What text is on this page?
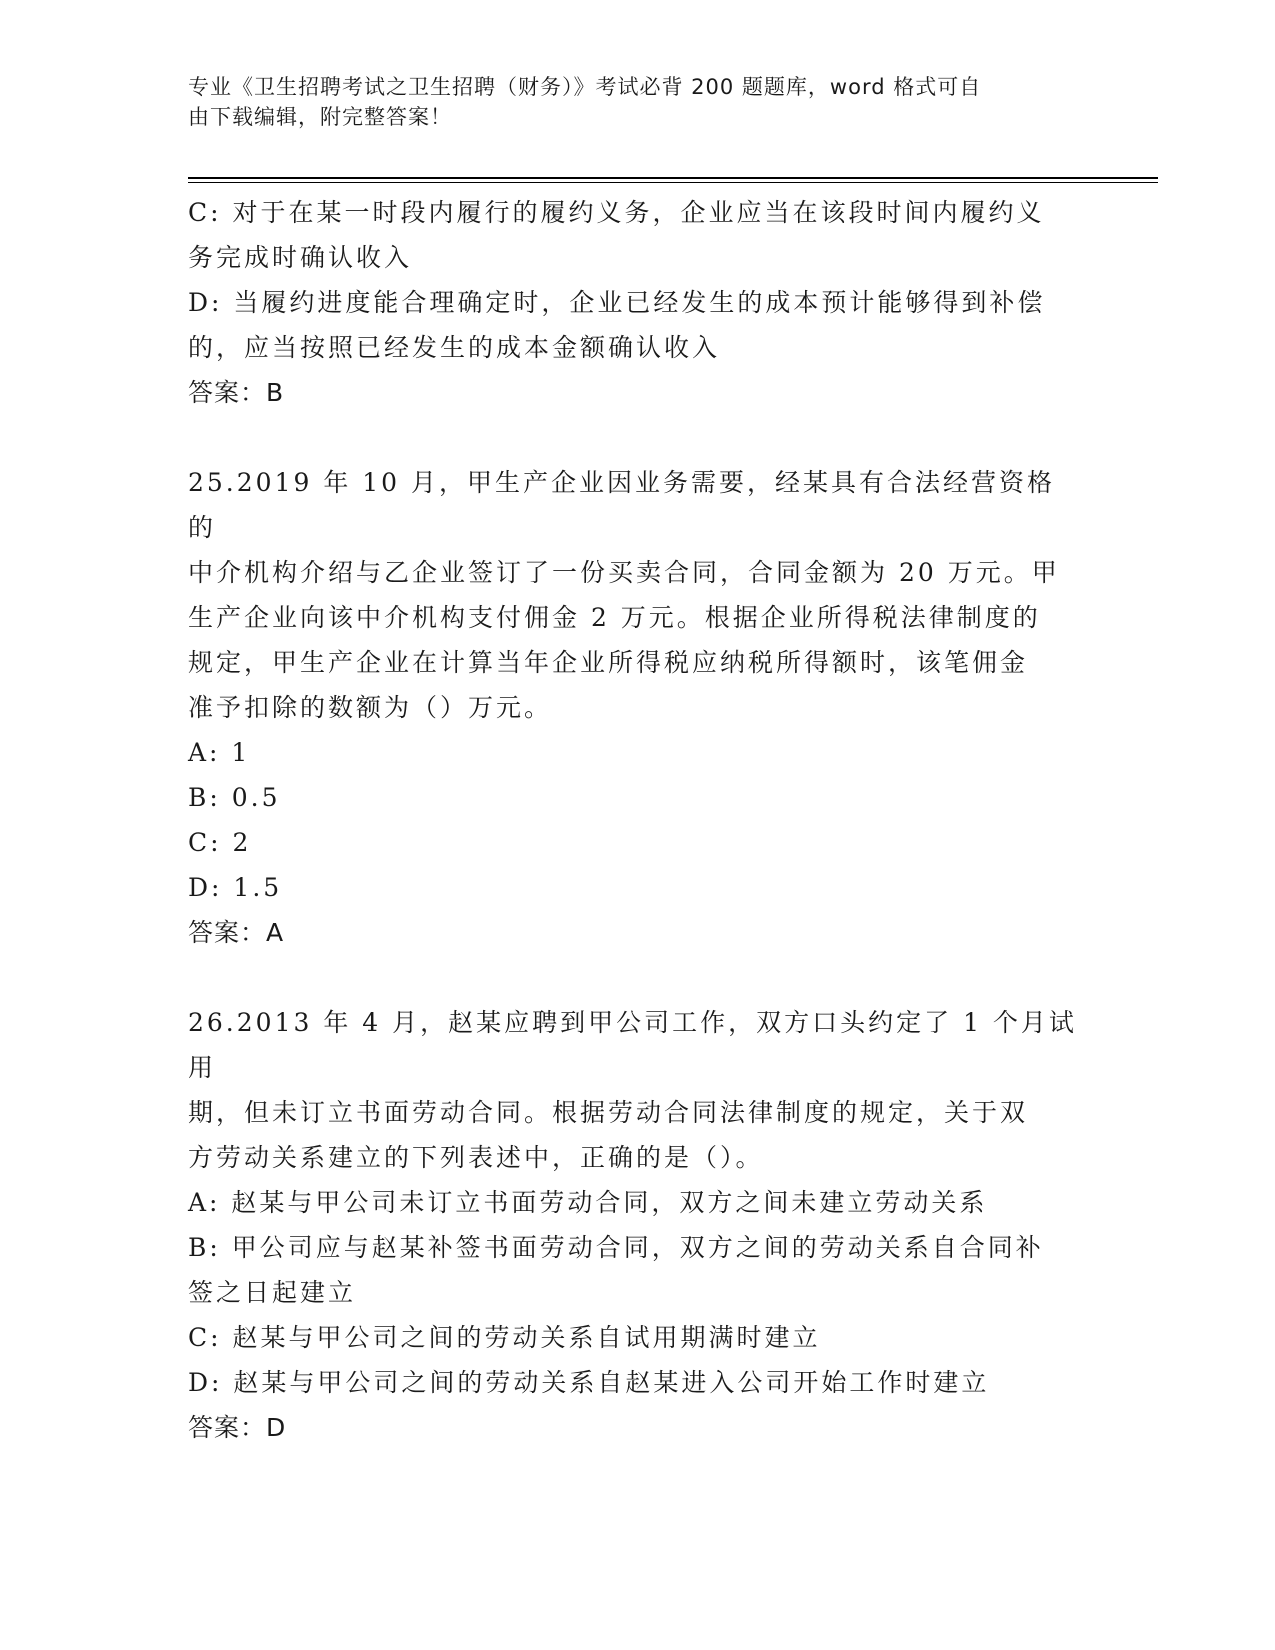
专业《卫生招聘考试之卫生招聘（财务）》考试必背 200 题题库，word 格式可自
由下载编辑，附完整答案！

C: 对于在某一时段内履行的履约义务，企业应当在该段时间内履约义

务完成时确认收入

D: 当履约进度能合理确定时，企业已经发生的成本预计能够得到补偿

的，应当按照已经发生的成本金额确认收入

答案：B

25.2019 年 10 月，甲生产企业因业务需要，经某具有合法经营资格的

中介机构介绍与乙企业签订了一份买卖合同，合同金额为 20 万元。甲

生产企业向该中介机构支付佣金 2 万元。根据企业所得税法律制度的

规定，甲生产企业在计算当年企业所得税应纳税所得额时，该笔佣金

准予扣除的数额为（）万元。

A: 1

B: 0.5

C: 2

D: 1.5

答案：A

26.2013 年 4 月，赵某应聘到甲公司工作，双方口头约定了 1 个月试用

期，但未订立书面劳动合同。根据劳动合同法律制度的规定，关于双

方劳动关系建立的下列表述中，正确的是（）。

A: 赵某与甲公司未订立书面劳动合同，双方之间未建立劳动关系

B: 甲公司应与赵某补签书面劳动合同，双方之间的劳动关系自合同补

签之日起建立

C: 赵某与甲公司之间的劳动关系自试用期满时建立

D: 赵某与甲公司之间的劳动关系自赵某进入公司开始工作时建立

答案：D
